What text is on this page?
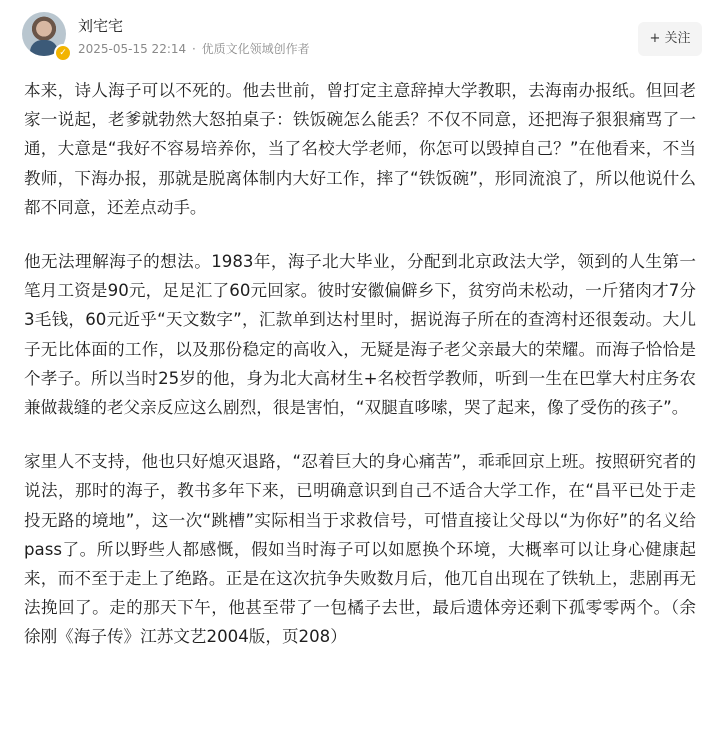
✓
刘宅宅
2025-05-15 22:14 · 优质文化领域创作者
+ 关注

本来，诗人海子可以不死的。他去世前，曾打定主意辞掉大学教职，去海南办报纸。但回老家一说起，老爹就勃然大怒拍桌子：铁饭碗怎么能丢？不仅不同意，还把海子狠狠痛骂了一通，大意是“我好不容易培养你，当了名校大学老师，你怎可以毁掉自己？”在他看来，不当教师，下海办报，那就是脱离体制内大好工作，摔了“铁饭碗”，形同流浪了，所以他说什么都不同意，还差点动手。

他无法理解海子的想法。1983年，海子北大毕业，分配到北京政法大学，领到的人生第一笔月工资是90元，足足汇了60元回家。彼时安徽偏僻乡下，贫穷尚未松动，一斤猪肉才7分3毛钱，60元近乎“天文数字”，汇款单到达村里时，据说海子所在的查湾村还很轰动。大儿子无比体面的工作，以及那份稳定的高收入，无疑是海子老父亲最大的荣耀。而海子恰恰是个孝子。所以当时25岁的他，身为北大高材生+名校哲学教师，听到一生在巴掌大村庄务农兼做裁缝的老父亲反应这么剧烈，很是害怕，“双腿直哆嗦，哭了起来，像了受伤的孩子”。

家里人不支持，他也只好熄灭退路，“忍着巨大的身心痛苦”，乖乖回京上班。按照研究者的说法，那时的海子，教书多年下来，已明确意识到自己不适合大学工作，在“昌平已处于走投无路的境地”，这一次“跳槽”实际相当于求救信号，可惜直接让父母以“为你好”的名义给pass了。所以野些人都感慨，假如当时海子可以如愿换个环境，大概率可以让身心健康起来，而不至于走上了绝路。正是在这次抗争失败数月后，他兀自出现在了铁轨上，悲剧再无法挽回了。走的那天下午，他甚至带了一包橘子去世，最后遗体旁还剩下孤零零两个。（余徐刚《海子传》江苏文艺2004版，页208）
